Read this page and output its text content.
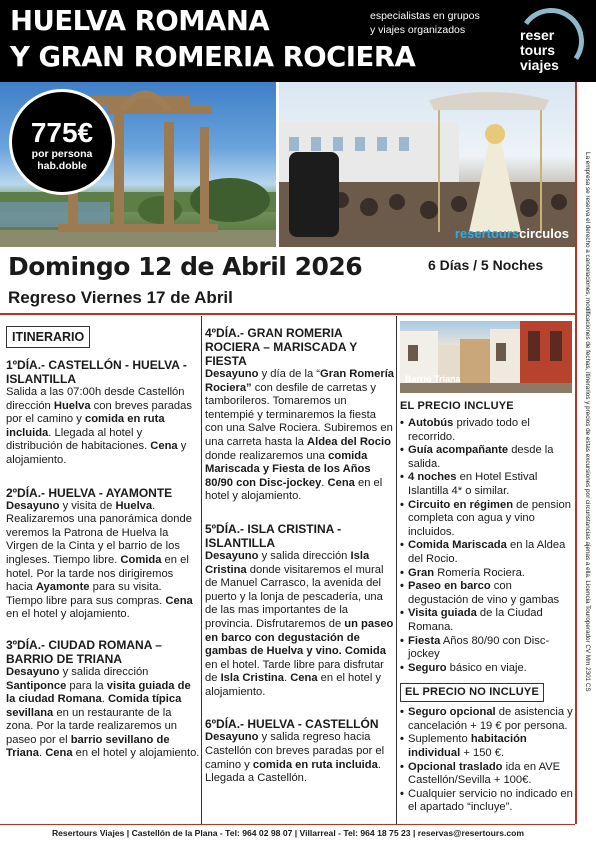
HUELVA ROMANA
Y GRAN ROMERIA ROCIERA
especialistas en grupos
y viajes organizados	reser
tours
viajes
resertourscirculos
775€
por persona
hab.doble
Domingo 12 de Abril 2026	6 Días / 5 Noches
Regreso Viernes 17 de Abril
ITINERARIO
1ºDÍA.- CASTELLÓN - HUELVA - ISLANTILLA

Salida a las 07:00h desde Castellón dirección Huelva con breves paradas por el camino y comida en ruta incluida. Llegada al hotel y distribución de habitaciones. Cena y alojamiento.

2ºDÍA.- HUELVA - AYAMONTE

Desayuno y visita de Huelva. Realizaremos una panorámica donde veremos la Patrona de Huelva la Virgen de la Cinta y el barrio de los ingleses. Tiempo libre. Comida en el hotel. Por la tarde nos dirigiremos hacia Ayamonte para su visita. Tiempo libre para sus compras. Cena en el hotel y alojamiento.

3ºDÍA.- CIUDAD ROMANA – BARRIO DE TRIANA

Desayuno y salida dirección Santiponce para la visita guiada de la ciudad Romana. Comida típica sevillana en un restaurante de la zona. Por la tarde realizaremos un paseo por el barrio sevillano de Triana. Cena en el hotel y alojamiento.

4ºDÍA.- GRAN ROMERIA ROCIERA – MARISCADA Y FIESTA

Desayuno y día de la “Gran Romería Rociera” con desfile de carretas y tamborileros. Tomaremos un tentempié y terminaremos la fiesta con una Salve Rociera. Subiremos en una carreta hasta la Aldea del Rocio donde realizaremos una comida Mariscada y Fiesta de los Años 80/90 con Disc-jockey. Cena en el hotel y alojamiento.

5ºDÍA.- ISLA CRISTINA - ISLANTILLA

Desayuno y salida dirección Isla Cristina donde visitaremos el mural de Manuel Carrasco, la avenida del puerto y la lonja de pescadería, una de las mas importantes de la provincia. Disfrutaremos de un paseo en barco con degustación de gambas de Huelva y vino. Comida en el hotel. Tarde libre para disfrutar de Isla Cristina. Cena en el hotel y alojamiento.

6ºDÍA.- HUELVA - CASTELLÓN

Desayuno y salida regreso hacia Castellón con breves paradas por el camino y comida en ruta incluida. Llegada a Castellón.

Barrio Triana
EL PRECIO INCLUYE
• Autobús privado todo el recorrido.
• Guía acompañante desde la salida.
• 4 noches en Hotel Estival Islantilla 4* o similar.
• Circuito en régimen de pension completa con agua y vino incluidos.
• Comida Mariscada en la Aldea del Rocio.
• Gran Romería Rociera.
• Paseo en barco con degustación de vino y gambas
• Visita guiada de la Ciudad Romana.
• Fiesta Años 80/90 con Disc-jockey
• Seguro básico en viaje.
EL PRECIO NO INCLUYE
• Seguro opcional de asistencia y cancelación + 19 € por persona.
• Suplemento habitación individual + 150 €.
• Opcional traslado ida en AVE Castellón/Sevilla + 100€.
• Cualquier servicio no indicado en el apartado “incluye”.
Resertours Viajes | Castellón de la Plana - Tel: 964 02 98 07 | Villarreal - Tel: 964 18 75 23 | reservas@resertours.com
La empresa se reserva el derecho a cancelaciones, modificaciones de fechas, itinerarios y precios de estas excursiones por circunstancias ajenas a ella. Licencia Touroperador CV Mm 2301 CS
